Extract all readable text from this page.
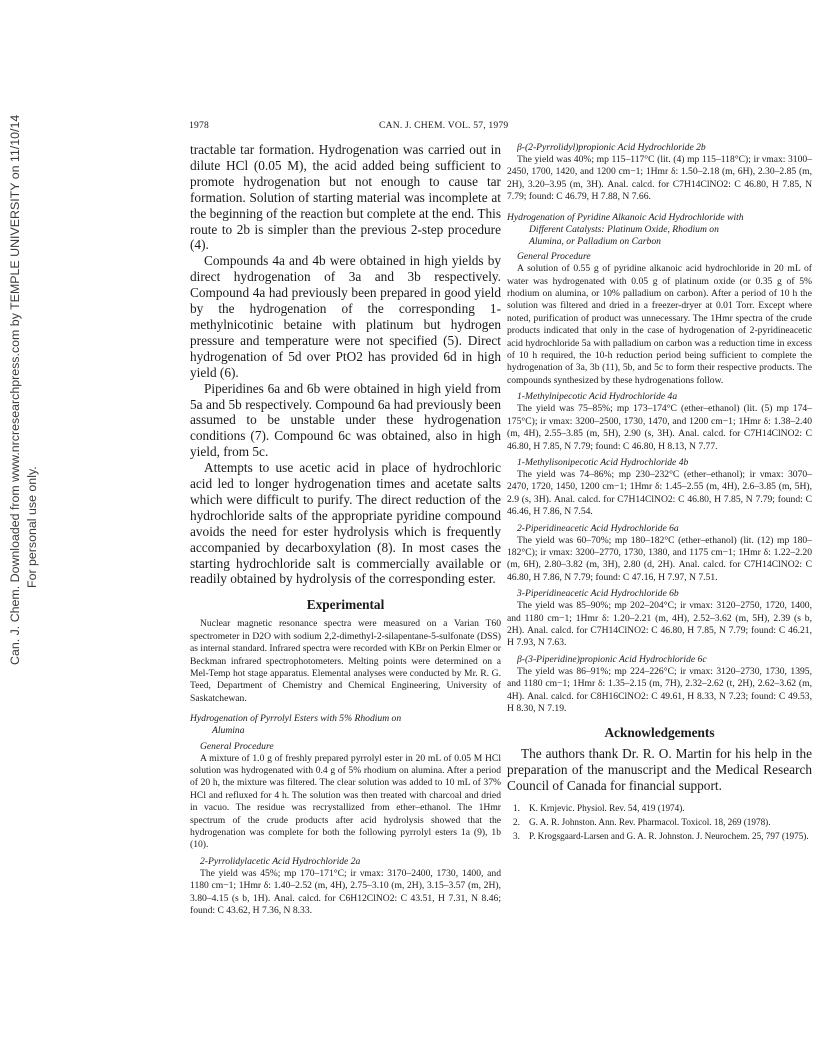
Can. J. Chem. Downloaded from www.nrcresearchpress.com by TEMPLE UNIVERSITY on 11/10/14 For personal use only.
1978	CAN. J. CHEM. VOL. 57, 1979

tractable tar formation. Hydrogenation was carried out in dilute HCl (0.05 M), the acid added being sufficient to promote hydrogenation but not enough to cause tar formation. Solution of starting material was incomplete at the beginning of the reaction but complete at the end. This route to 2b is simpler than the previous 2-step procedure (4).

Compounds 4a and 4b were obtained in high yields by direct hydrogenation of 3a and 3b respectively. Compound 4a had previously been prepared in good yield by the hydrogenation of the corresponding 1-methylnicotinic betaine with platinum but hydrogen pressure and temperature were not specified (5). Direct hydrogenation of 5d over PtO2 has provided 6d in high yield (6).

Piperidines 6a and 6b were obtained in high yield from 5a and 5b respectively. Compound 6a had previously been assumed to be unstable under these hydrogenation conditions (7). Compound 6c was obtained, also in high yield, from 5c.

Attempts to use acetic acid in place of hydrochloric acid led to longer hydrogenation times and acetate salts which were difficult to purify. The direct reduction of the hydrochloride salts of the appropriate pyridine compound avoids the need for ester hydrolysis which is frequently accompanied by decarboxylation (8). In most cases the starting hydrochloride salt is commercially available or readily obtained by hydrolysis of the corresponding ester.

Experimental

Nuclear magnetic resonance spectra were measured on a Varian T60 spectrometer in D2O with sodium 2,2-dimethyl-2-silapentane-5-sulfonate (DSS) as internal standard. Infrared spectra were recorded with KBr on Perkin Elmer or Beckman infrared spectrophotometers. Melting points were determined on a Mel-Temp hot stage apparatus. Elemental analyses were conducted by Mr. R. G. Teed, Department of Chemistry and Chemical Engineering, University of Saskatchewan.

Hydrogenation of Pyrrolyl Esters with 5% Rhodium on
Alumina
General Procedure

A mixture of 1.0 g of freshly prepared pyrrolyl ester in 20 mL of 0.05 M HCl solution was hydrogenated with 0.4 g of 5% rhodium on alumina. After a period of 20 h, the mixture was filtered. The clear solution was added to 10 mL of 37% HCl and refluxed for 4 h. The solution was then treated with charcoal and dried in vacuo. The residue was recrystallized from ether–ethanol. The 1Hmr spectrum of the crude products after acid hydrolysis showed that the hydrogenation was complete for both the following pyrrolyl esters 1a (9), 1b (10).

2-Pyrrolidylacetic Acid Hydrochloride 2a

The yield was 45%; mp 170–171°C; ir νmax: 3170–2400, 1730, 1400, and 1180 cm−1; 1Hmr δ: 1.40–2.52 (m, 4H), 2.75–3.10 (m, 2H), 3.15–3.57 (m, 2H), 3.80–4.15 (s b, 1H). Anal. calcd. for C6H12ClNO2: C 43.51, H 7.31, N 8.46; found: C 43.62, H 7.36, N 8.33.

β-(2-Pyrrolidyl)propionic Acid Hydrochloride 2b

The yield was 40%; mp 115–117°C (lit. (4) mp 115–118°C); ir νmax: 3100–2450, 1700, 1420, and 1200 cm−1; 1Hmr δ: 1.50–2.18 (m, 6H), 2.30–2.85 (m, 2H), 3.20–3.95 (m, 3H). Anal. calcd. for C7H14ClNO2: C 46.80, H 7.85, N 7.79; found: C 46.79, H 7.88, N 7.66.

Hydrogenation of Pyridine Alkanoic Acid Hydrochloride with
Different Catalysts: Platinum Oxide, Rhodium on
Alumina, or Palladium on Carbon
General Procedure

A solution of 0.55 g of pyridine alkanoic acid hydrochloride in 20 mL of water was hydrogenated with 0.05 g of platinum oxide (or 0.35 g of 5% rhodium on alumina, or 10% palladium on carbon). After a period of 10 h the solution was filtered and dried in a freezer-dryer at 0.01 Torr. Except where noted, purification of product was unnecessary. The 1Hmr spectra of the crude products indicated that only in the case of hydrogenation of 2-pyridineacetic acid hydrochloride 5a with palladium on carbon was a reduction time in excess of 10 h required, the 10-h reduction period being sufficient to complete the hydrogenation of 3a, 3b (11), 5b, and 5c to form their respective products. The compounds synthesized by these hydrogenations follow.

1-Methylnipecotic Acid Hydrochloride 4a

The yield was 75–85%; mp 173–174°C (ether–ethanol) (lit. (5) mp 174–175°C); ir νmax: 3200–2500, 1730, 1470, and 1200 cm−1; 1Hmr δ: 1.38–2.40 (m, 4H), 2.55–3.85 (m, 5H), 2.90 (s, 3H). Anal. calcd. for C7H14ClNO2: C 46.80, H 7.85, N 7.79; found: C 46.80, H 8.13, N 7.77.

1-Methylisonipecotic Acid Hydrochloride 4b

The yield was 74–86%; mp 230–232°C (ether–ethanol); ir νmax: 3070–2470, 1720, 1450, 1200 cm−1; 1Hmr δ: 1.45–2.55 (m, 4H), 2.6–3.85 (m, 5H), 2.9 (s, 3H). Anal. calcd. for C7H14ClNO2: C 46.80, H 7.85, N 7.79; found: C 46.46, H 7.86, N 7.54.

2-Piperidineacetic Acid Hydrochloride 6a

The yield was 60–70%; mp 180–182°C (ether–ethanol) (lit. (12) mp 180–182°C); ir νmax: 3200–2770, 1730, 1380, and 1175 cm−1; 1Hmr δ: 1.22–2.20 (m, 6H), 2.80–3.82 (m, 3H), 2.80 (d, 2H). Anal. calcd. for C7H14ClNO2: C 46.80, H 7.86, N 7.79; found: C 47.16, H 7.97, N 7.51.

3-Piperidineacetic Acid Hydrochloride 6b

The yield was 85–90%; mp 202–204°C; ir νmax: 3120–2750, 1720, 1400, and 1180 cm−1; 1Hmr δ: 1.20–2.21 (m, 4H), 2.52–3.62 (m, 5H), 2.39 (s b, 2H). Anal. calcd. for C7H14ClNO2: C 46.80, H 7.85, N 7.79; found: C 46.21, H 7.93, N 7.63.

β-(3-Piperidine)propionic Acid Hydrochloride 6c

The yield was 86–91%; mp 224–226°C; ir νmax: 3120–2730, 1730, 1395, and 1180 cm−1; 1Hmr δ: 1.35–2.15 (m, 7H), 2.32–2.62 (t, 2H), 2.62–3.62 (m, 4H). Anal. calcd. for C8H16ClNO2: C 49.61, H 8.33, N 7.23; found: C 49.53, H 8.30, N 7.19.

Acknowledgements

The authors thank Dr. R. O. Martin for his help in the preparation of the manuscript and the Medical Research Council of Canada for financial support.

1. K. Krnjevic. Physiol. Rev. 54, 419 (1974).
2. G. A. R. Johnston. Ann. Rev. Pharmacol. Toxicol. 18, 269 (1978).
3. P. Krogsgaard-Larsen and G. A. R. Johnston. J. Neurochem. 25, 797 (1975).
